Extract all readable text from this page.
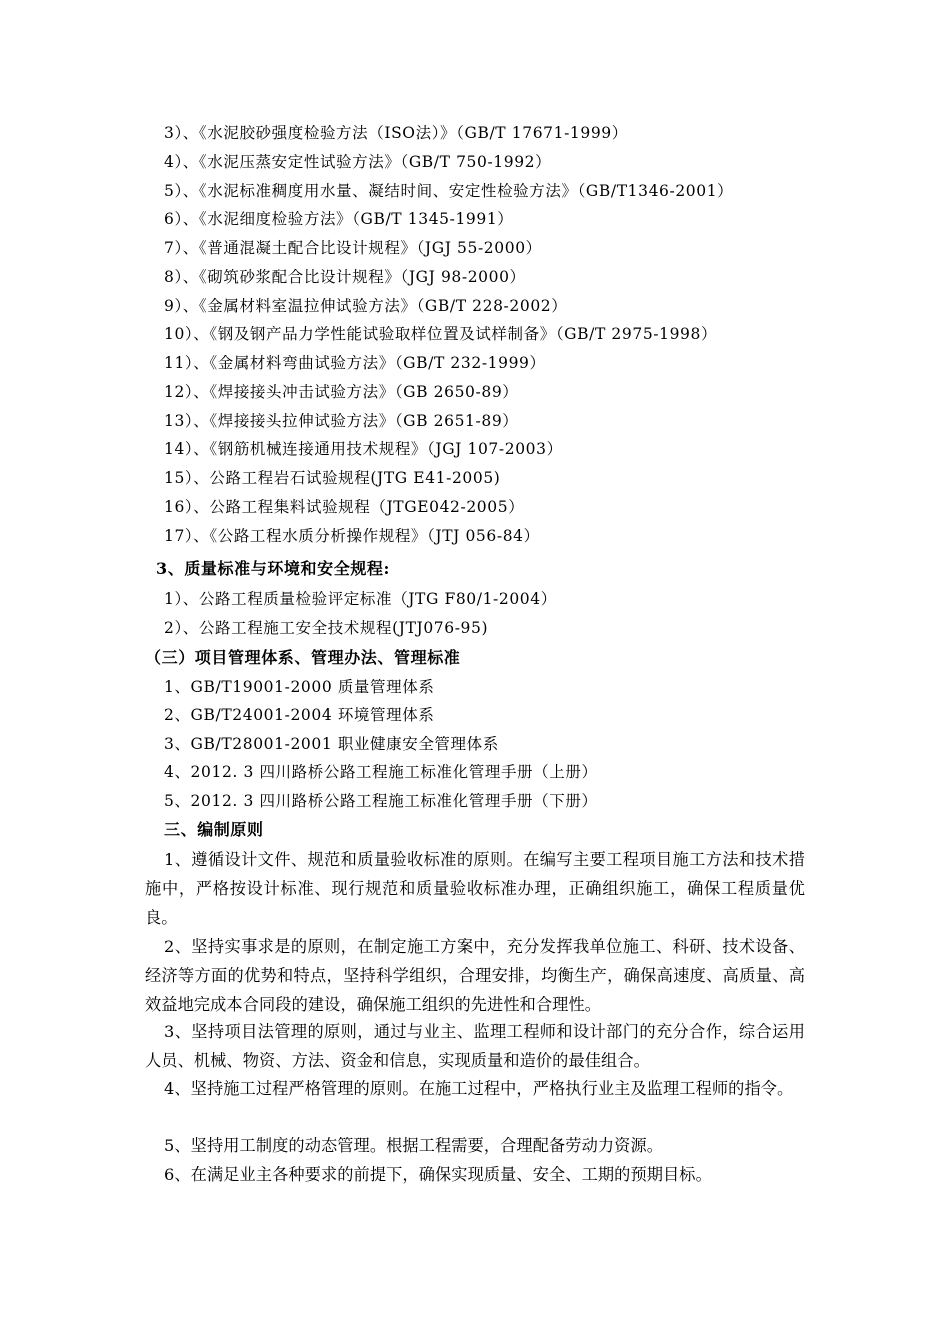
3）、《水泥胶砂强度检验方法（ISO法）》（GB/T 17671-1999）
4）、《水泥压蒸安定性试验方法》（GB/T 750-1992）
5）、《水泥标准稠度用水量、凝结时间、安定性检验方法》（GB/T1346-2001）
6）、《水泥细度检验方法》（GB/T 1345-1991）
7）、《普通混凝土配合比设计规程》（JGJ 55-2000）
8）、《砌筑砂浆配合比设计规程》（JGJ 98-2000）
9）、《金属材料室温拉伸试验方法》（GB/T 228-2002）
10）、《钢及钢产品力学性能试验取样位置及试样制备》（GB/T 2975-1998）
11）、《金属材料弯曲试验方法》（GB/T 232-1999）
12）、《焊接接头冲击试验方法》（GB 2650-89）
13）、《焊接接头拉伸试验方法》（GB 2651-89）
14）、《钢筋机械连接通用技术规程》（JGJ 107-2003）
15）、公路工程岩石试验规程(JTG E41-2005)
16）、公路工程集料试验规程（JTGE042-2005）
17）、《公路工程水质分析操作规程》（JTJ 056-84）
3、质量标准与环境和安全规程:
1）、公路工程质量检验评定标准（JTG F80/1-2004）
2）、公路工程施工安全技术规程(JTJ076-95)
（三）项目管理体系、管理办法、管理标准
1、GB/T19001-2000 质量管理体系
2、GB/T24001-2004 环境管理体系
3、GB/T28001-2001 职业健康安全管理体系
4、2012. 3 四川路桥公路工程施工标准化管理手册（上册）
5、2012. 3 四川路桥公路工程施工标准化管理手册（下册）
三、编制原则
1、遵循设计文件、规范和质量验收标准的原则。在编写主要工程项目施工方法和技术措施中，严格按设计标准、现行规范和质量验收标准办理，正确组织施工，确保工程质量优良。
2、坚持实事求是的原则，在制定施工方案中，充分发挥我单位施工、科研、技术设备、经济等方面的优势和特点，坚持科学组织，合理安排，均衡生产，确保高速度、高质量、高效益地完成本合同段的建设，确保施工组织的先进性和合理性。
3、坚持项目法管理的原则，通过与业主、监理工程师和设计部门的充分合作，综合运用人员、机械、物资、方法、资金和信息，实现质量和造价的最佳组合。
4、坚持施工过程严格管理的原则。在施工过程中，严格执行业主及监理工程师的指令。
5、坚持用工制度的动态管理。根据工程需要，合理配备劳动力资源。
6、在满足业主各种要求的前提下，确保实现质量、安全、工期的预期目标。
